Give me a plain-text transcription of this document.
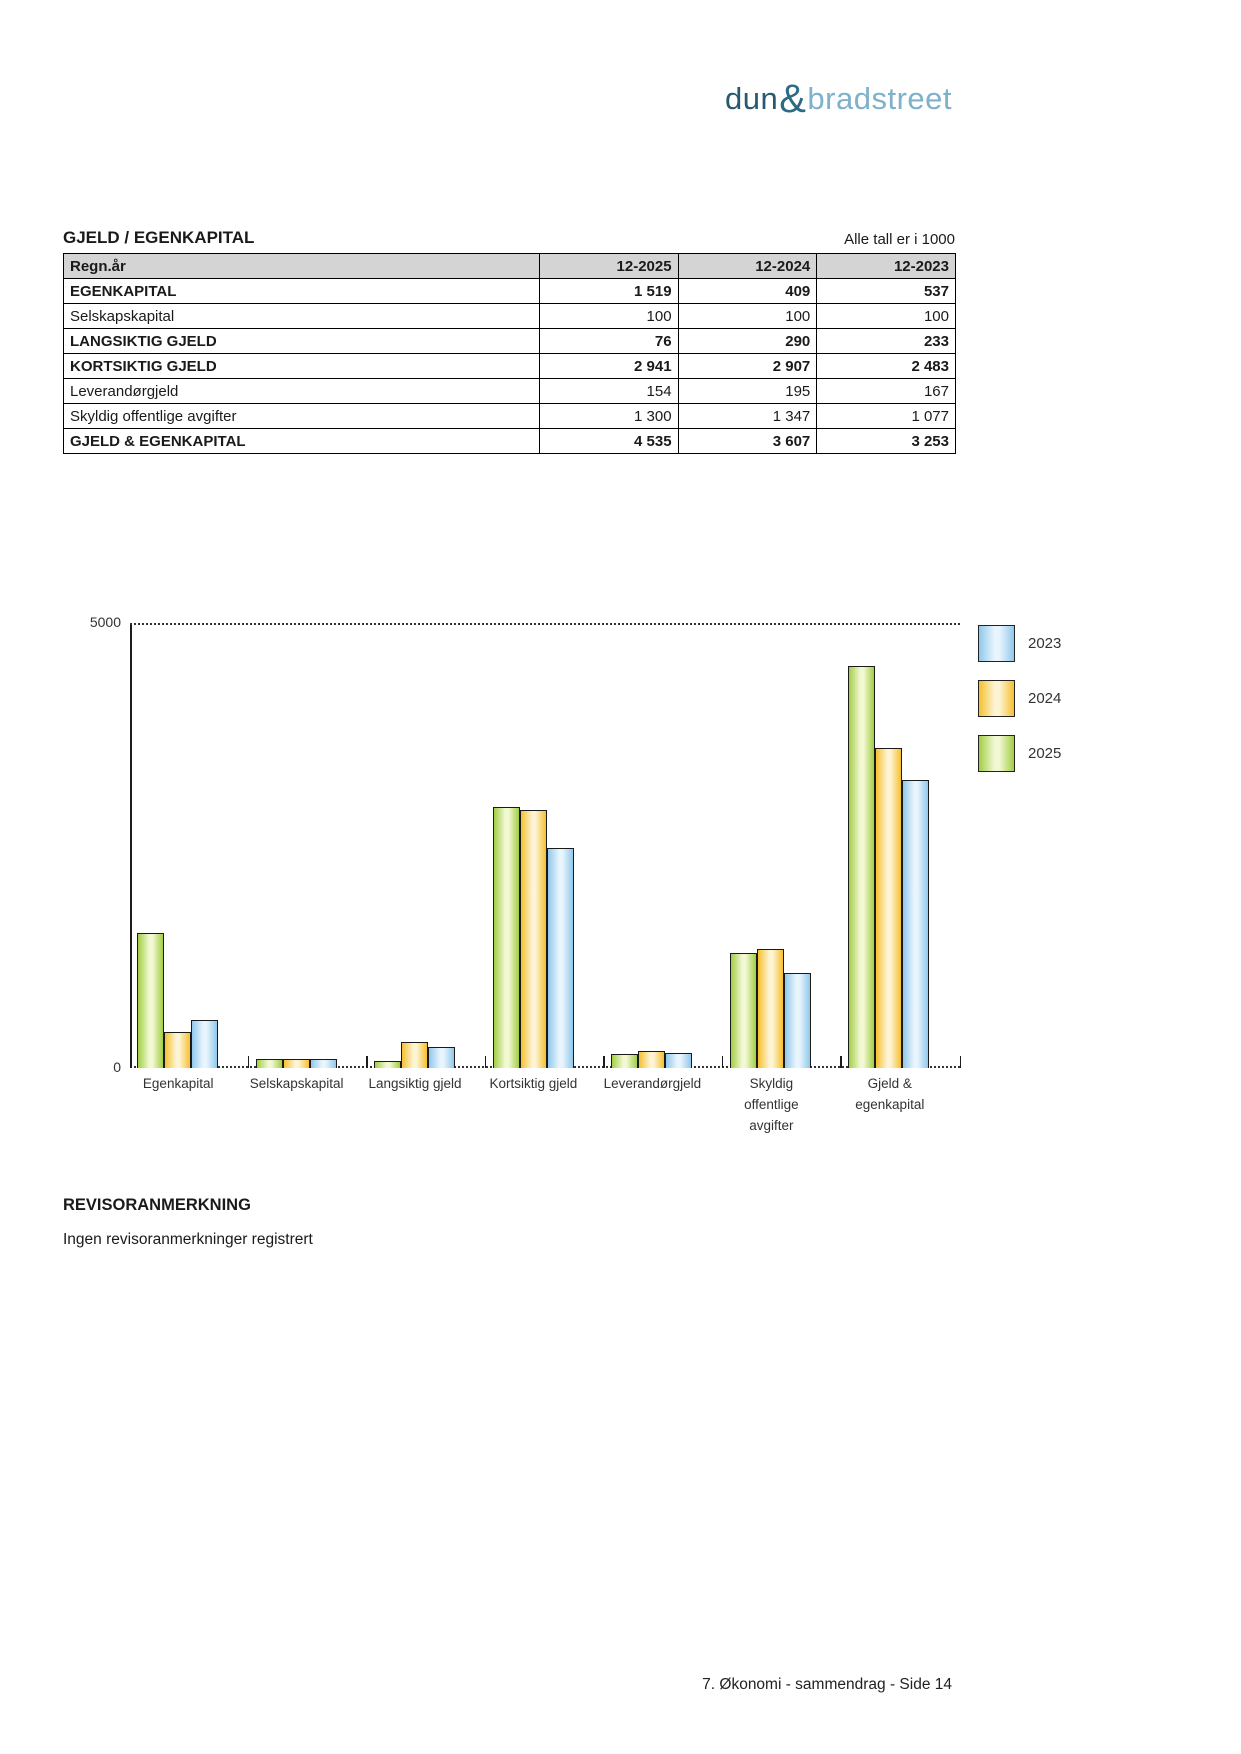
dun&bradstreet
GJELD / EGENKAPITAL	Alle tall er i 1000
Regn.år	12-2025	12-2024	12-2023
EGENKAPITAL	1 519	409	537
Selskapskapital	100	100	100
LANGSIKTIG GJELD	76	290	233
KORTSIKTIG GJELD	2 941	2 907	2 483
Leverandørgjeld	154	195	167
Skyldig offentlige avgifter	1 300	1 347	1 077
GJELD & EGENKAPITAL	4 535	3 607	3 253
5000
0
Egenkapital	Selskapskapital Langsiktig gjeld	Kortsiktig gjeld	Leverandørgjeld	Skyldig offentlige
avgifter
Gjeld &
egenkapital
2023
2024
2025
REVISORANMERKNING
Ingen revisoranmerkninger registrert
7. Økonomi - sammendrag - Side 14
